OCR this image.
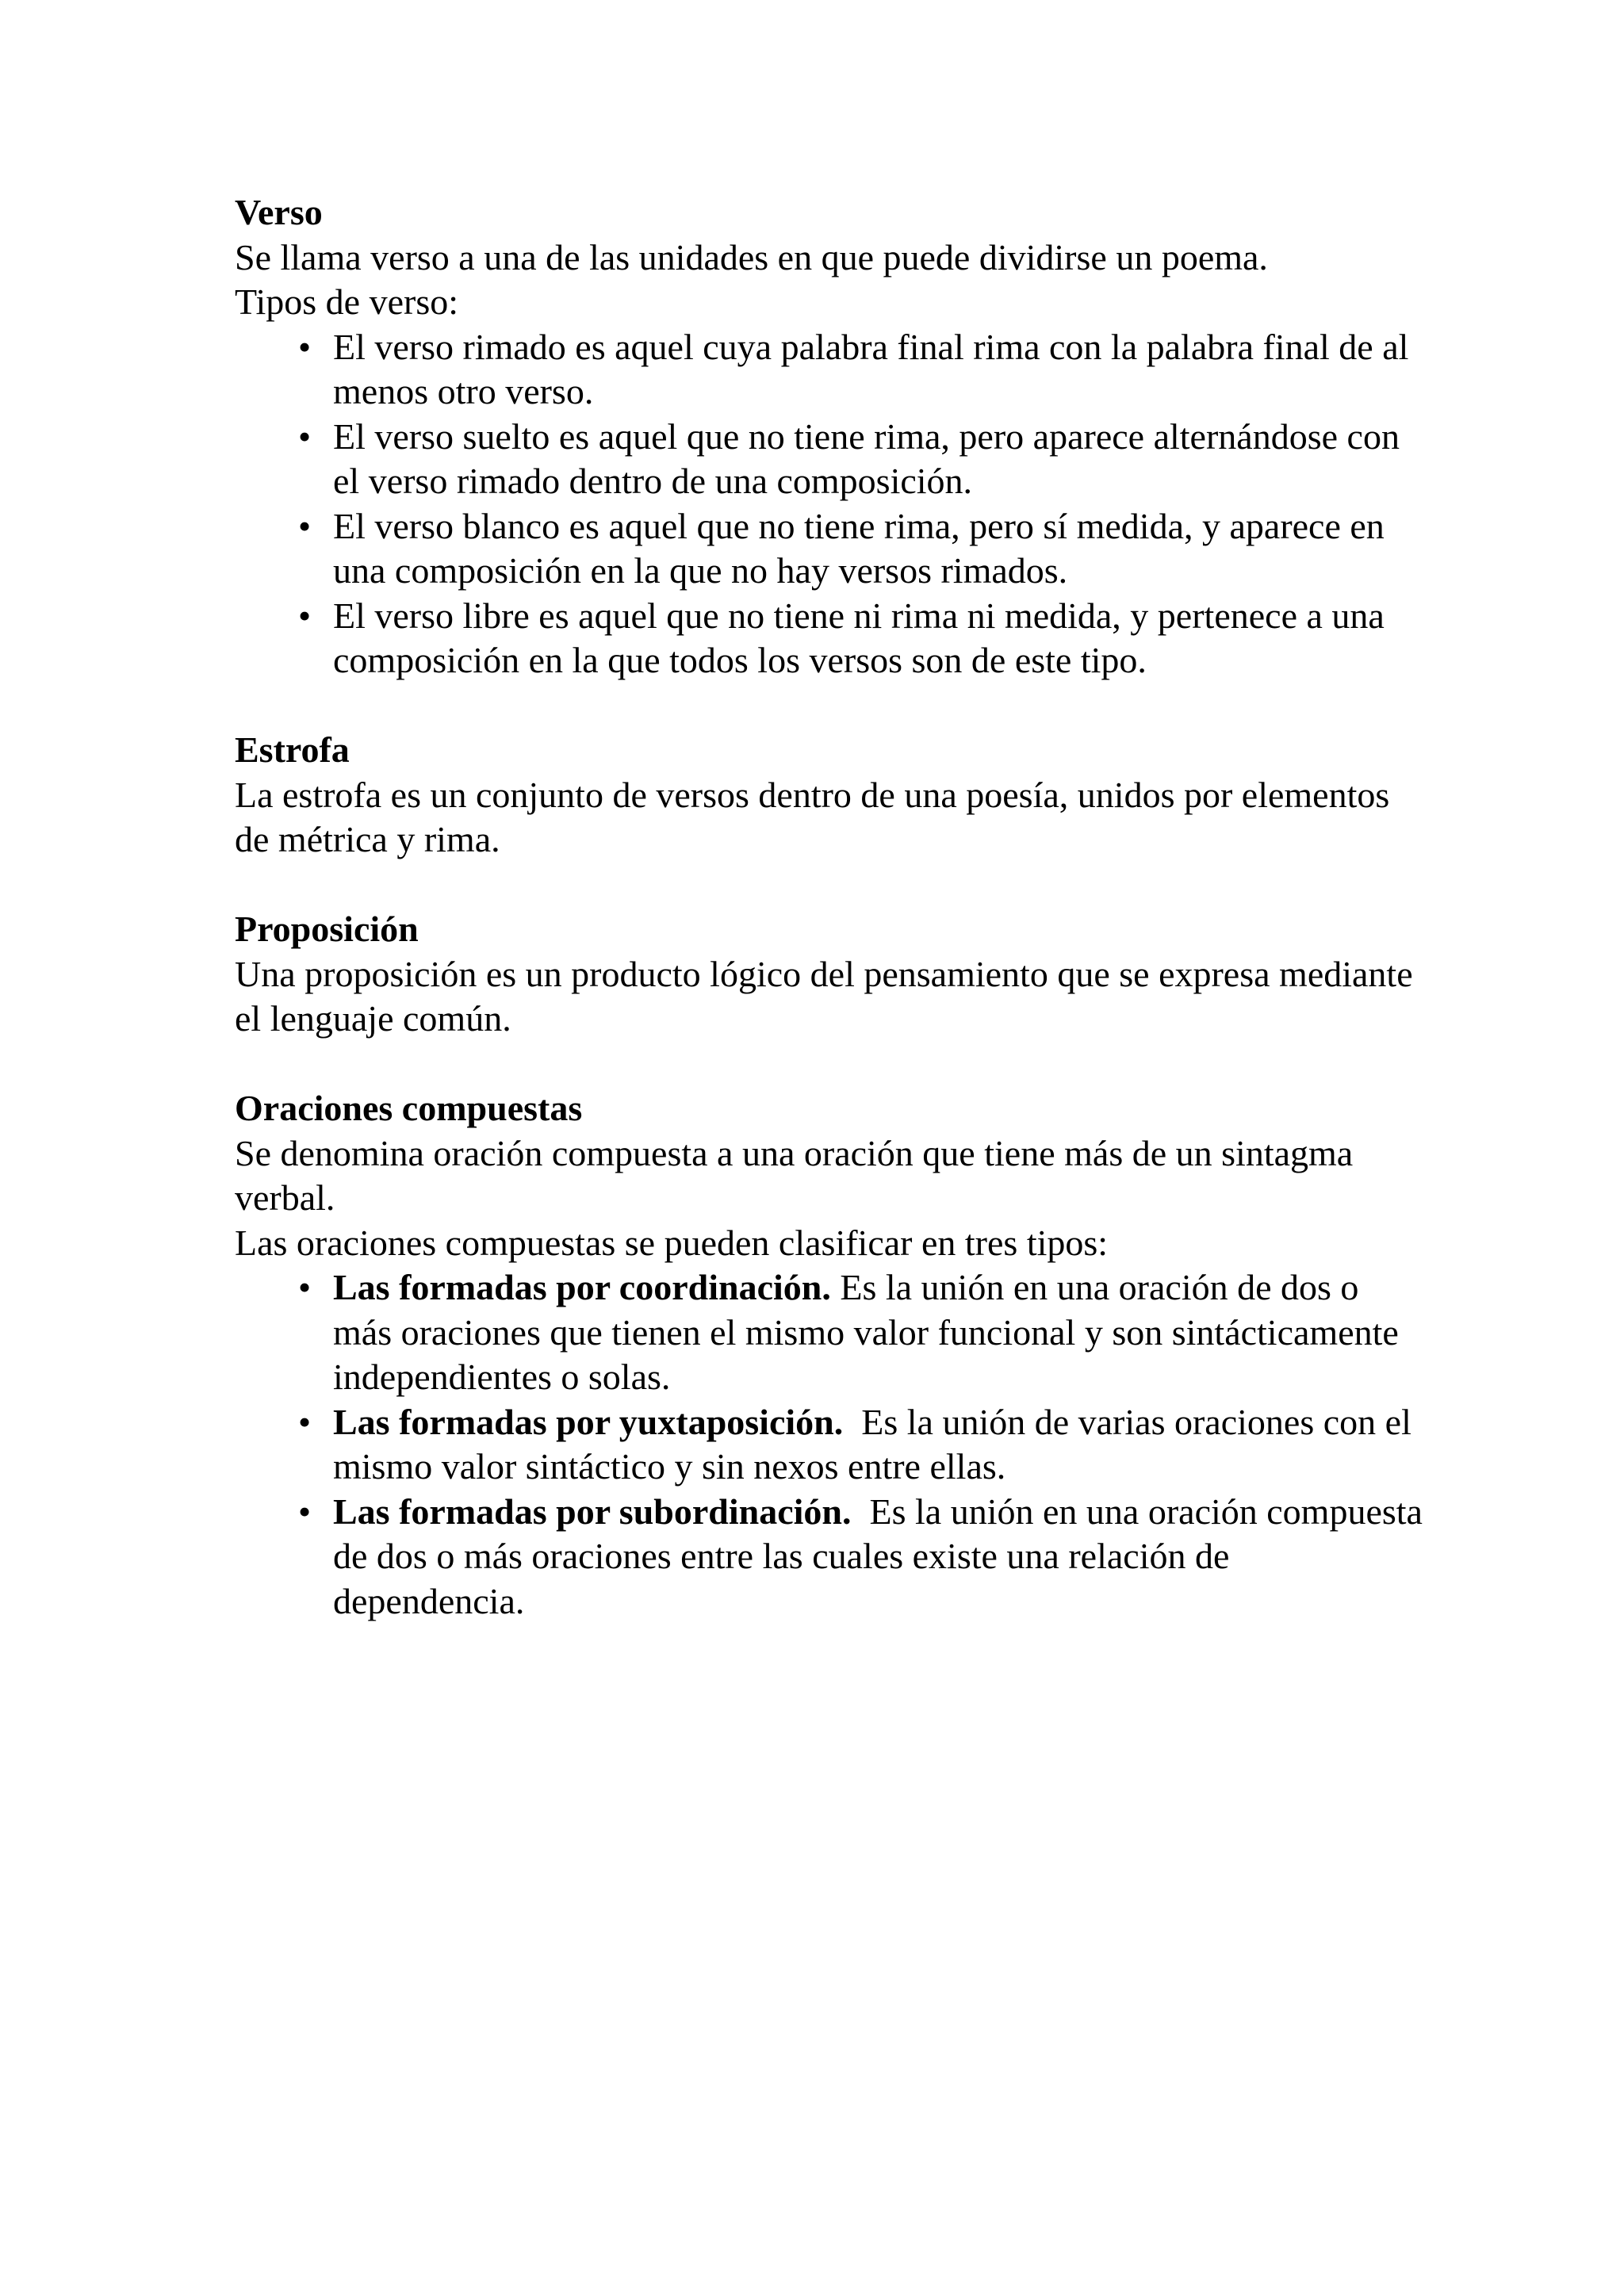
Verso

Se llama verso a una de las unidades en que puede dividirse un poema.

Tipos de verso:

• El verso rimado es aquel cuya palabra final rima con la palabra final de al menos otro verso.
• El verso suelto es aquel que no tiene rima, pero aparece alternándose con el verso rimado dentro de una composición.
• El verso blanco es aquel que no tiene rima, pero sí medida, y aparece en una composición en la que no hay versos rimados.
• El verso libre es aquel que no tiene ni rima ni medida, y pertenece a una composición en la que todos los versos son de este tipo.

Estrofa

La estrofa es un conjunto de versos dentro de una poesía, unidos por elementos de métrica y rima.

Proposición

Una proposición es un producto lógico del pensamiento que se expresa mediante el lenguaje común.

Oraciones compuestas

Se denomina oración compuesta a una oración que tiene más de un sintagma verbal.

Las oraciones compuestas se pueden clasificar en tres tipos:

• Las formadas por coordinación. Es la unión en una oración de dos o más oraciones que tienen el mismo valor funcional y son sintácticamente independientes o solas.
• Las formadas por yuxtaposición.  Es la unión de varias oraciones con el mismo valor sintáctico y sin nexos entre ellas.
• Las formadas por subordinación.  Es la unión en una oración compuesta de dos o más oraciones entre las cuales existe una relación de dependencia.
